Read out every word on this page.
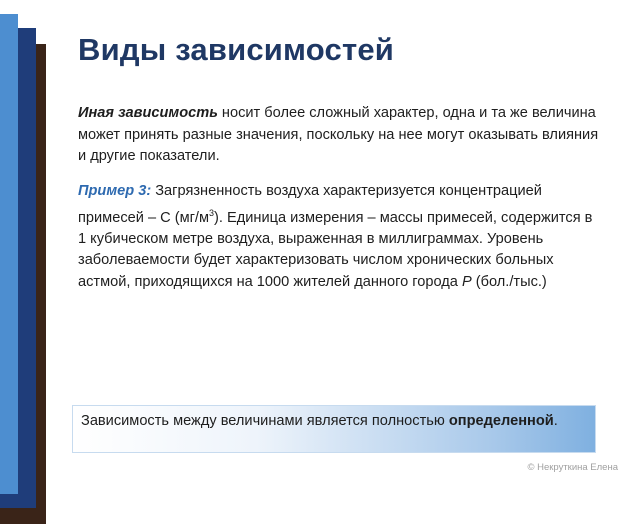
Виды зависимостей
Иная зависимость носит более сложный характер, одна и та же величина может принять разные значения, поскольку на нее могут оказывать влияния и другие показатели.
Пример 3: Загрязненность воздуха характеризуется концентрацией примесей – С $(мг/м^3)$. Единица измерения – массы примесей, содержится в 1 кубическом метре воздуха, выраженная в миллиграммах. Уровень заболеваемости будет характеризовать числом хронических больных астмой, приходящихся на 1000 жителей данного города P (бол./тыс.)
Зависимость между величинами является полностью определенной.
© Некруткина Елена
